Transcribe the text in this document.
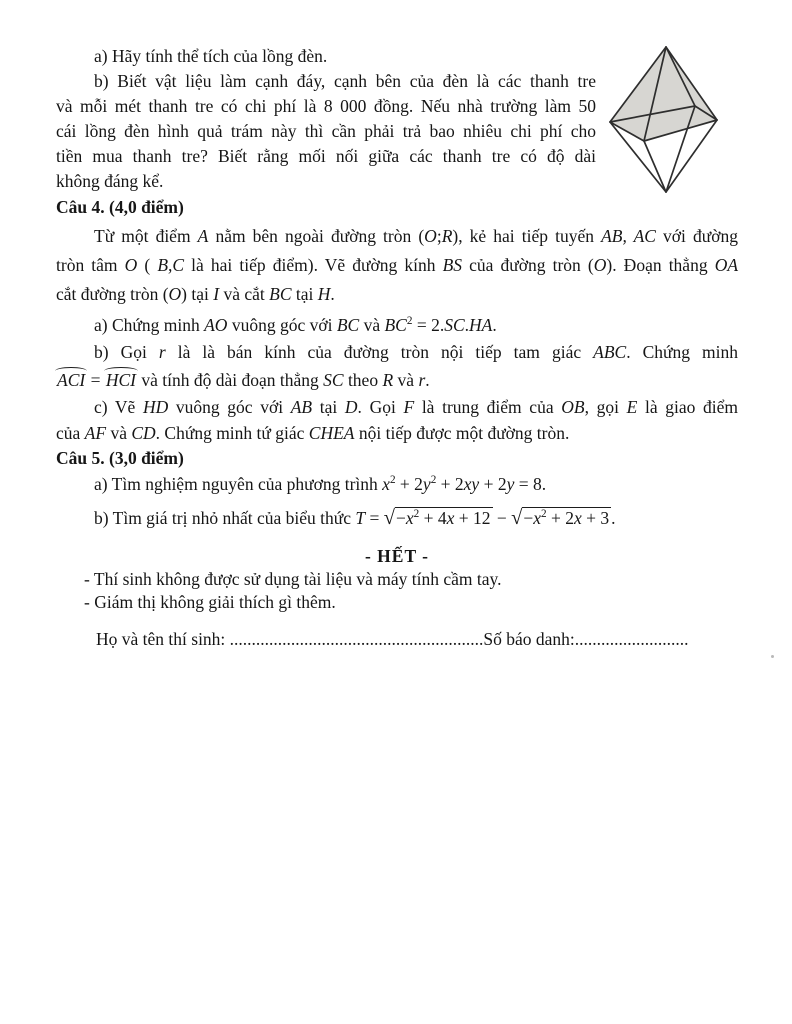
a) Hãy tính thể tích của lồng đèn.
b) Biết vật liệu làm cạnh đáy, cạnh bên của đèn là các thanh tre
và mỗi mét thanh tre có chi phí là 8 000 đồng. Nếu nhà trường làm 50
cái lồng đèn hình quả trám này thì cần phải trả bao nhiêu chi phí cho
tiền mua thanh tre? Biết rằng mối nối giữa các thanh tre có độ dài
không đáng kể.
Câu 4. (4,0 điểm)
Từ một điểm A nằm bên ngoài đường tròn (O;R), kẻ hai tiếp tuyến AB, AC với đường
tròn tâm O ( B,C là hai tiếp điểm). Vẽ đường kính BS của đường tròn (O). Đoạn thẳng OA
cắt đường tròn (O) tại I và cắt BC tại H.
a) Chứng minh AO vuông góc với BC và $BC^2 = 2.SC.HA$.
b) Gọi r là là bán kính của đường tròn nội tiếp tam giác ABC. Chứng minh
ACI = HCI và tính độ dài đoạn thẳng SC theo R và r.
c) Vẽ HD vuông góc với AB tại D. Gọi F là trung điểm của OB, gọi E là giao điểm
của AF và CD. Chứng minh tứ giác CHEA nội tiếp được một đường tròn.
Câu 5. (3,0 điểm)
a) Tìm nghiệm nguyên của phương trình $x^2 + 2y^2 + 2xy + 2y = 8$.
b) Tìm giá trị nhỏ nhất của biểu thức $T = √-x^2 + 4x + 12 - √-x^2 + 2x + 3$ .
- HẾT -
- Thí sinh không được sử dụng tài liệu và máy tính cầm tay.
- Giám thị không giải thích gì thêm.
Họ và tên thí sinh: ..........................................................Số báo danh:..........................
